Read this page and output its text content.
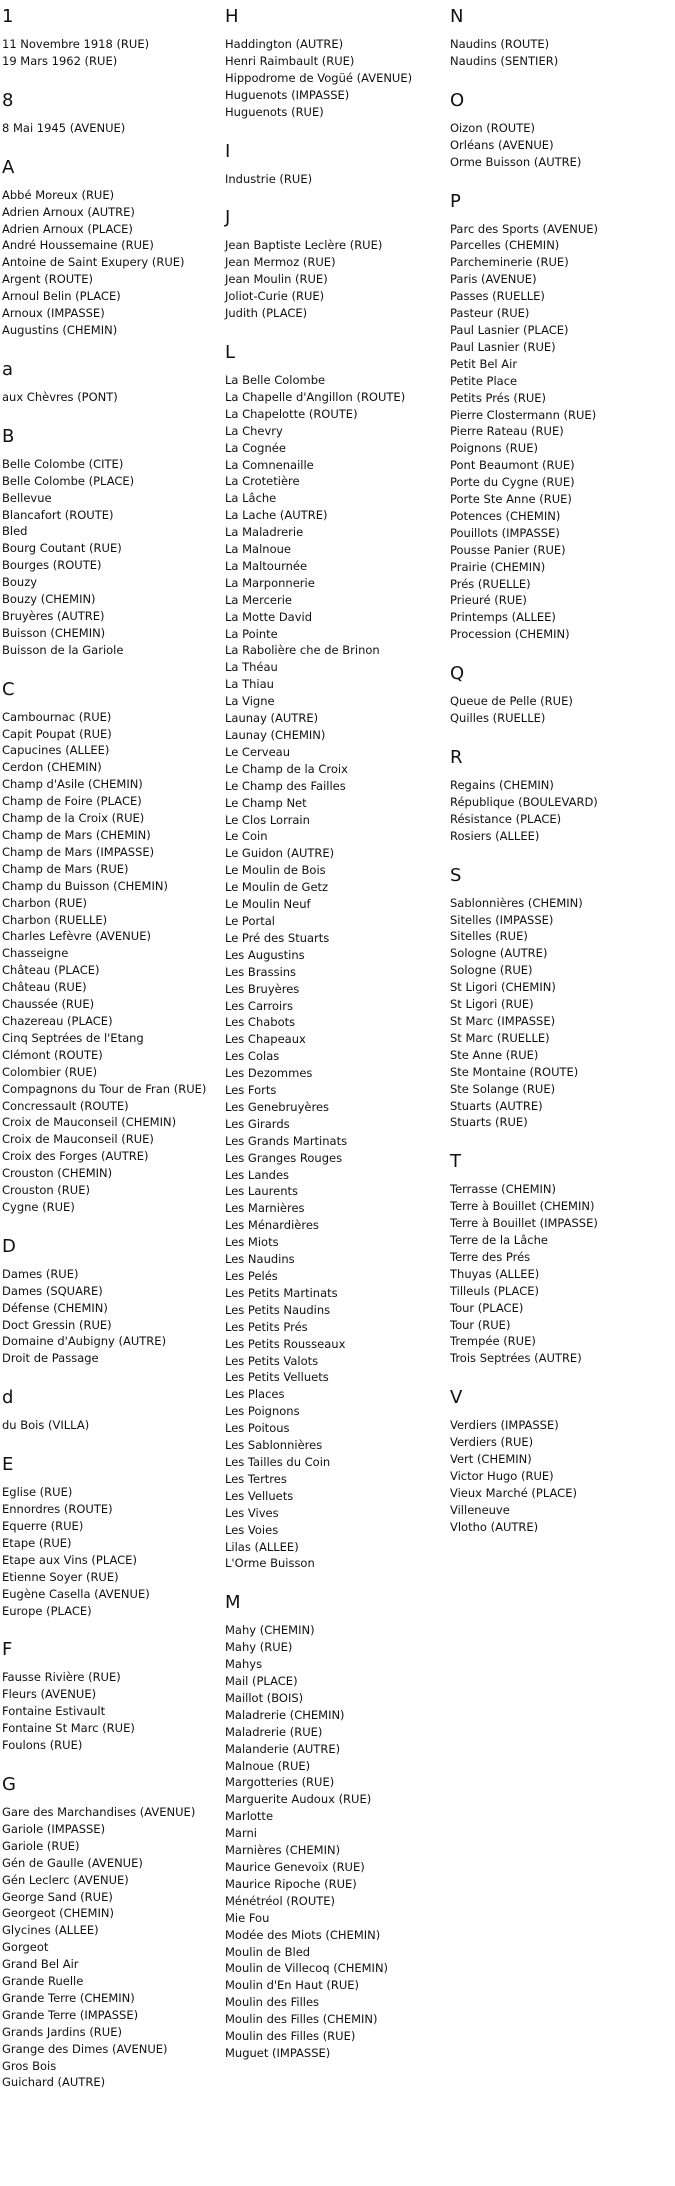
1
11 Novembre 1918 (RUE)
19 Mars 1962 (RUE)
8
8 Mai 1945 (AVENUE)
A
Abbé Moreux (RUE)
Adrien Arnoux (AUTRE)
Adrien Arnoux (PLACE)
André Houssemaine (RUE)
Antoine de Saint Exupery (RUE)
Argent (ROUTE)
Arnoul Belin (PLACE)
Arnoux (IMPASSE)
Augustins (CHEMIN)
a
aux Chèvres (PONT)
B
Belle Colombe (CITE)
Belle Colombe (PLACE)
Bellevue
Blancafort (ROUTE)
Bled
Bourg Coutant (RUE)
Bourges (ROUTE)
Bouzy
Bouzy (CHEMIN)
Bruyères (AUTRE)
Buisson (CHEMIN)
Buisson de la Gariole
C
Cambournac (RUE)
Capit Poupat (RUE)
Capucines (ALLEE)
Cerdon (CHEMIN)
Champ d'Asile (CHEMIN)
Champ de Foire (PLACE)
Champ de la Croix (RUE)
Champ de Mars (CHEMIN)
Champ de Mars (IMPASSE)
Champ de Mars (RUE)
Champ du Buisson (CHEMIN)
Charbon (RUE)
Charbon (RUELLE)
Charles Lefèvre (AVENUE)
Chasseigne
Château (PLACE)
Château (RUE)
Chaussée (RUE)
Chazereau (PLACE)
Cinq Septrées de l'Etang
Clémont (ROUTE)
Colombier (RUE)
Compagnons du Tour de Fran (RUE)
Concressault (ROUTE)
Croix de Mauconseil (CHEMIN)
Croix de Mauconseil (RUE)
Croix des Forges (AUTRE)
Crouston (CHEMIN)
Crouston (RUE)
Cygne (RUE)
D
Dames (RUE)
Dames (SQUARE)
Défense (CHEMIN)
Doct Gressin (RUE)
Domaine d'Aubigny (AUTRE)
Droit de Passage
d
du Bois (VILLA)
E
Eglise (RUE)
Ennordres (ROUTE)
Equerre (RUE)
Etape (RUE)
Etape aux Vins (PLACE)
Etienne Soyer (RUE)
Eugène Casella (AVENUE)
Europe (PLACE)
F
Fausse Rivière (RUE)
Fleurs (AVENUE)
Fontaine Estivault
Fontaine St Marc (RUE)
Foulons (RUE)
G
Gare des Marchandises (AVENUE)
Gariole (IMPASSE)
Gariole (RUE)
Gén de Gaulle (AVENUE)
Gén Leclerc (AVENUE)
George Sand (RUE)
Georgeot (CHEMIN)
Glycines (ALLEE)
Gorgeot
Grand Bel Air
Grande Ruelle
Grande Terre (CHEMIN)
Grande Terre (IMPASSE)
Grands Jardins (RUE)
Grange des Dimes (AVENUE)
Gros Bois
Guichard (AUTRE)
H
Haddington (AUTRE)
Henri Raimbault (RUE)
Hippodrome de Vogüé (AVENUE)
Huguenots (IMPASSE)
Huguenots (RUE)
I
Industrie (RUE)
J
Jean Baptiste Leclère (RUE)
Jean Mermoz (RUE)
Jean Moulin (RUE)
Joliot-Curie (RUE)
Judith (PLACE)
L
La Belle Colombe
La Chapelle d'Angillon (ROUTE)
La Chapelotte (ROUTE)
La Chevry
La Cognée
La Comnenaille
La Crotetière
La Lâche
La Lache (AUTRE)
La Maladrerie
La Malnoue
La Maltournée
La Marponnerie
La Mercerie
La Motte David
La Pointe
La Rabolière che de Brinon
La Théau
La Thiau
La Vigne
Launay (AUTRE)
Launay (CHEMIN)
Le Cerveau
Le Champ de la Croix
Le Champ des Failles
Le Champ Net
Le Clos Lorrain
Le Coin
Le Guidon (AUTRE)
Le Moulin de Bois
Le Moulin de Getz
Le Moulin Neuf
Le Portal
Le Pré des Stuarts
Les Augustins
Les Brassins
Les Bruyères
Les Carroirs
Les Chabots
Les Chapeaux
Les Colas
Les Dezommes
Les Forts
Les Genebruyères
Les Girards
Les Grands Martinats
Les Granges Rouges
Les Landes
Les Laurents
Les Marnières
Les Ménardières
Les Miots
Les Naudins
Les Pelés
Les Petits Martinats
Les Petits Naudins
Les Petits Prés
Les Petits Rousseaux
Les Petits Valots
Les Petits Velluets
Les Places
Les Poignons
Les Poitous
Les Sablonnières
Les Tailles du Coin
Les Tertres
Les Velluets
Les Vives
Les Voies
Lilas (ALLEE)
L'Orme Buisson
M
Mahy (CHEMIN)
Mahy (RUE)
Mahys
Mail (PLACE)
Maillot (BOIS)
Maladrerie (CHEMIN)
Maladrerie (RUE)
Malanderie (AUTRE)
Malnoue (RUE)
Margotteries (RUE)
Marguerite Audoux (RUE)
Marlotte
Marni
Marnières (CHEMIN)
Maurice Genevoix (RUE)
Maurice Ripoche (RUE)
Ménétréol (ROUTE)
Mie Fou
Modée des Miots (CHEMIN)
Moulin de Bled
Moulin de Villecoq (CHEMIN)
Moulin d'En Haut (RUE)
Moulin des Filles
Moulin des Filles (CHEMIN)
Moulin des Filles (RUE)
Muguet (IMPASSE)
N
Naudins (ROUTE)
Naudins (SENTIER)
O
Oizon (ROUTE)
Orléans (AVENUE)
Orme Buisson (AUTRE)
P
Parc des Sports (AVENUE)
Parcelles (CHEMIN)
Parcheminerie (RUE)
Paris (AVENUE)
Passes (RUELLE)
Pasteur (RUE)
Paul Lasnier (PLACE)
Paul Lasnier (RUE)
Petit Bel Air
Petite Place
Petits Prés (RUE)
Pierre Clostermann (RUE)
Pierre Rateau (RUE)
Poignons (RUE)
Pont Beaumont (RUE)
Porte du Cygne (RUE)
Porte Ste Anne (RUE)
Potences (CHEMIN)
Pouillots (IMPASSE)
Pousse Panier (RUE)
Prairie (CHEMIN)
Prés (RUELLE)
Prieuré (RUE)
Printemps (ALLEE)
Procession (CHEMIN)
Q
Queue de Pelle (RUE)
Quilles (RUELLE)
R
Regains (CHEMIN)
République (BOULEVARD)
Résistance (PLACE)
Rosiers (ALLEE)
S
Sablonnières (CHEMIN)
Sitelles (IMPASSE)
Sitelles (RUE)
Sologne (AUTRE)
Sologne (RUE)
St Ligori (CHEMIN)
St Ligori (RUE)
St Marc (IMPASSE)
St Marc (RUELLE)
Ste Anne (RUE)
Ste Montaine (ROUTE)
Ste Solange (RUE)
Stuarts (AUTRE)
Stuarts (RUE)
T
Terrasse (CHEMIN)
Terre à Bouillet (CHEMIN)
Terre à Bouillet (IMPASSE)
Terre de la Lâche
Terre des Prés
Thuyas (ALLEE)
Tilleuls (PLACE)
Tour (PLACE)
Tour (RUE)
Trempée (RUE)
Trois Septrées (AUTRE)
V
Verdiers (IMPASSE)
Verdiers (RUE)
Vert (CHEMIN)
Victor Hugo (RUE)
Vieux Marché (PLACE)
Villeneuve
Vlotho (AUTRE)
